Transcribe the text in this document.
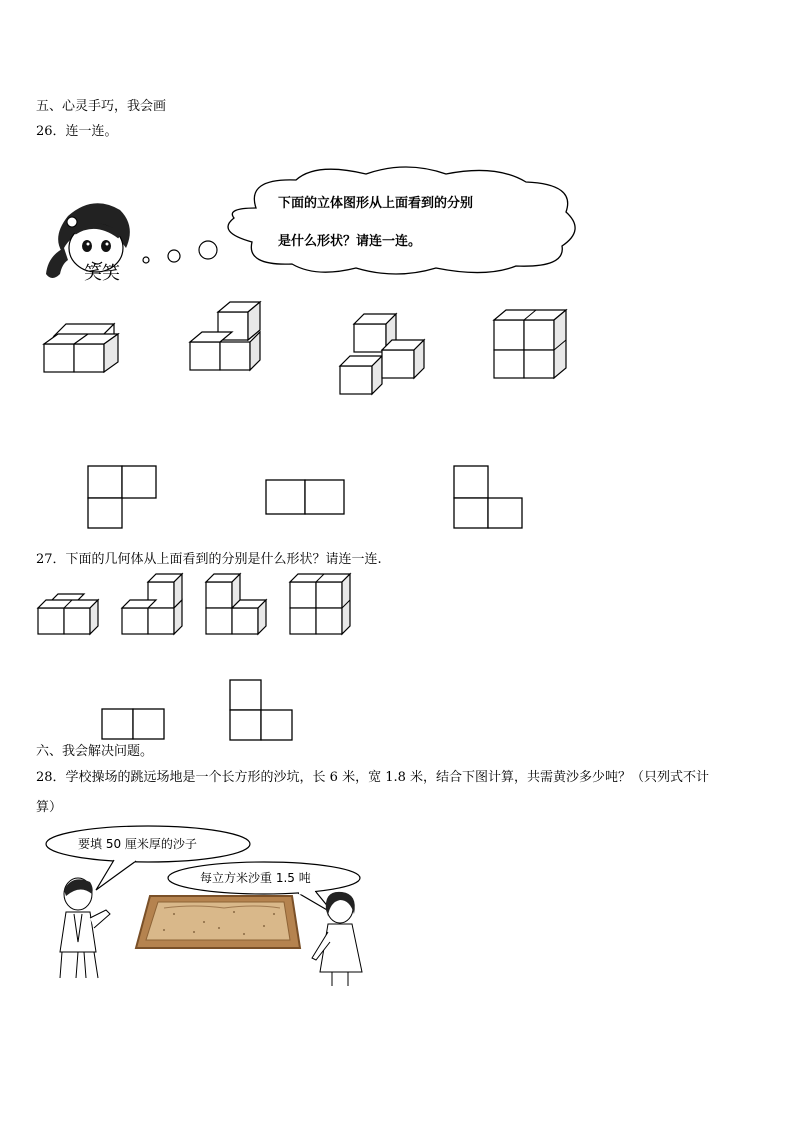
五、心灵手巧，我会画
26．连一连。
笑笑
下面的立体图形从上面看到的分别
是什么形状？请连一连。
27．下面的几何体从上面看到的分别是什么形状？请连一连.
六、我会解决问题。
28．学校操场的跳远场地是一个长方形的沙坑，长 6 米，宽 1.8 米，结合下图计算，共需黄沙多少吨？（只列式不计
算）
要填 50 厘米厚的沙子
每立方米沙重 1.5 吨
